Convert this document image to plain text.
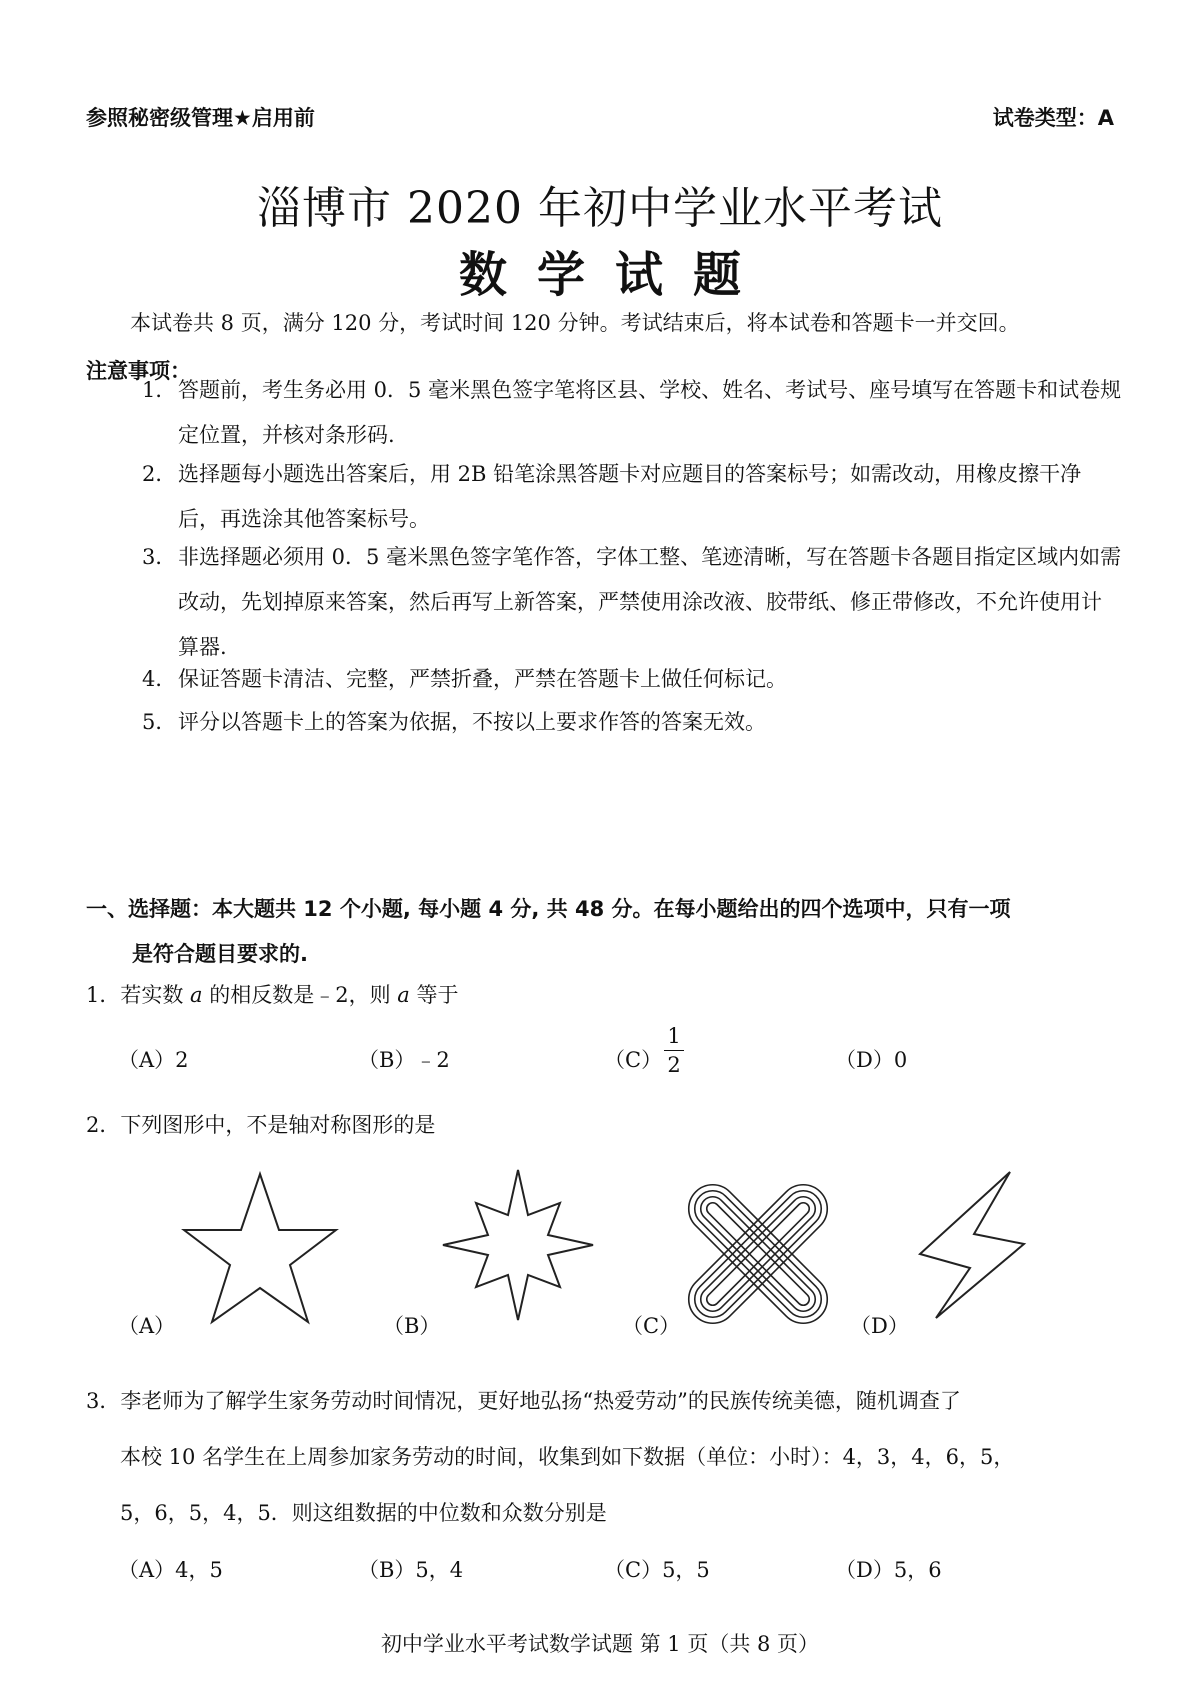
参照秘密级管理★启用前	试卷类型：A
淄博市 2020 年初中学业水平考试
数学试题
本试卷共 8 页，满分 120 分，考试时间 120 分钟。考试结束后，将本试卷和答题卡一并交回。
注意事项：
1． 答题前，考生务必用 0．5 毫米黑色签字笔将区县、学校、姓名、考试号、座号填写在答题卡和试卷规定位置，并核对条形码.
2． 选择题每小题选出答案后，用 2B 铅笔涂黑答题卡对应题目的答案标号；如需改动，用橡皮擦干净后，再选涂其他答案标号。
3． 非选择题必须用 0．5 毫米黑色签字笔作答，字体工整、笔迹清晰，写在答题卡各题目指定区域内如需改动，先划掉原来答案，然后再写上新答案，严禁使用涂改液、胶带纸、修正带修改，不允许使用计算器.
4． 保证答题卡清洁、完整，严禁折叠，严禁在答题卡上做任何标记。
5． 评分以答题卡上的答案为依据，不按以上要求作答的答案无效。
一、选择题：本大题共 12 个小题, 每小题 4 分, 共 48 分。在每小题给出的四个选项中，只有一项
是符合题目要求的.
1．若实数 a 的相反数是﹣2，则 a 等于
（A）2	（B）﹣2	（C）
1
2	（D）0
2．下列图形中，不是轴对称图形的是
（A）	（B）	（C）	（D）
3．李老师为了解学生家务劳动时间情况，更好地弘扬“热爱劳动”的民族传统美德，随机调查了
本校 10 名学生在上周参加家务劳动的时间，收集到如下数据（单位：小时）：4，3，4，6，5，
5，6，5，4，5．则这组数据的中位数和众数分别是
（A）4，5	（B）5，4	（C）5，5	（D）5，6
初中学业水平考试数学试题 第 1 页（共 8 页）
